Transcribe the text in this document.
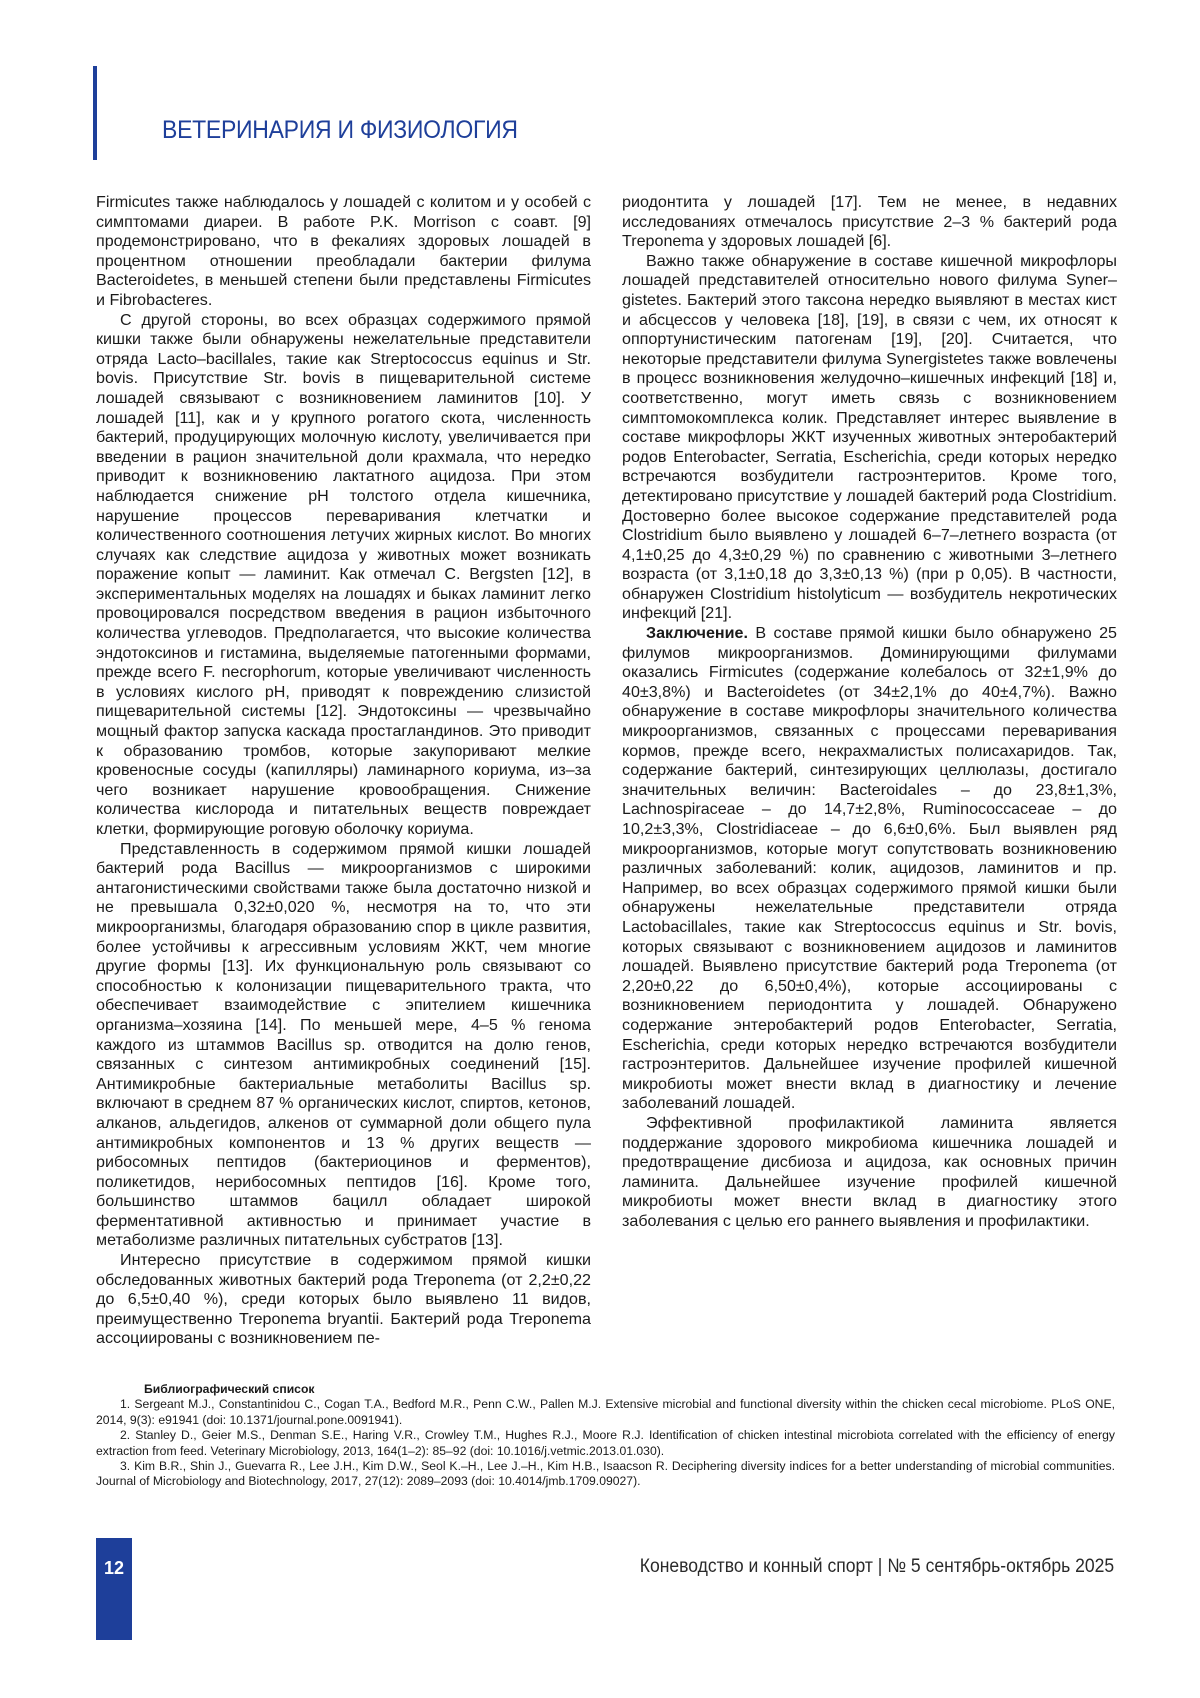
ВЕТЕРИНАРИЯ И ФИЗИОЛОГИЯ

Firmicutes также наблюдалось у лошадей с колитом и у особей с симптомами диареи. В работе P.K. Morrison с соавт. [9] продемонстрировано, что в фекалиях здоровых лошадей в процентном отношении преобладали бактерии филума Bacteroidetes, в меньшей степени были представлены Firmicutes и Fibrobacteres.

С другой стороны, во всех образцах содержимого прямой кишки также были обнаружены нежелательные представители отряда Lacto–bacillales, такие как Streptococcus equinus и Str. bovis. Присутствие Str. bovis в пищеварительной системе лошадей связывают с возникновением ламинитов [10]. У лошадей [11], как и у крупного рогатого скота, численность бактерий, продуцирующих молочную кислоту, увеличивается при введении в рацион значительной доли крахмала, что нередко приводит к возникновению лактатного ацидоза. При этом наблюдается снижение pH толстого отдела кишечника, нарушение процессов переваривания клетчатки и количественного соотношения летучих жирных кислот. Во многих случаях как следствие ацидоза у животных может возникать поражение копыт — ламинит. Как отмечал C. Bergsten [12], в экспериментальных моделях на лошадях и быках ламинит легко провоцировался посредством введения в рацион избыточного количества углеводов. Предполагается, что высокие количества эндотоксинов и гистамина, выделяемые патогенными формами, прежде всего F. necrophorum, которые увеличивают численность в условиях кислого pH, приводят к повреждению слизистой пищеварительной системы [12]. Эндотоксины — чрезвычайно мощный фактор запуска каскада простагландинов. Это приводит к образованию тромбов, которые закупоривают мелкие кровеносные сосуды (капилляры) ламинарного кориума, из–за чего возникает нарушение кровообращения. Снижение количества кислорода и питательных веществ повреждает клетки, формирующие роговую оболочку кориума.

Представленность в содержимом прямой кишки лошадей бактерий рода Bacillus — микроорганизмов с широкими антагонистическими свойствами также была достаточно низкой и не превышала 0,32±0,020 %, несмотря на то, что эти микроорганизмы, благодаря образованию спор в цикле развития, более устойчивы к агрессивным условиям ЖКТ, чем многие другие формы [13]. Их функциональную роль связывают со способностью к колонизации пищеварительного тракта, что обеспечивает взаимодействие с эпителием кишечника организма–хозяина [14]. По меньшей мере, 4–5 % генома каждого из штаммов Bacillus sp. отводится на долю генов, связанных с синтезом антимикробных соединений [15]. Антимикробные бактериальные метаболиты Bacillus sp. включают в среднем 87 % органических кислот, спиртов, кетонов, алканов, альдегидов, алкенов от суммарной доли общего пула антимикробных компонентов и 13 % других веществ — рибосомных пептидов (бактериоцинов и ферментов), поликетидов, нерибосомных пептидов [16]. Кроме того, большинство штаммов бацилл обладает широкой ферментативной активностью и принимает участие в метаболизме различных питательных субстратов [13].

Интересно присутствие в содержимом прямой кишки обследованных животных бактерий рода Treponema (от 2,2±0,22 до 6,5±0,40 %), среди которых было выявлено 11 видов, преимущественно Treponema bryantii. Бактерий рода Treponema ассоциированы с возникновением пе-

риодонтита у лошадей [17]. Тем не менее, в недавних исследованиях отмечалось присутствие 2–3 % бактерий рода Treponema у здоровых лошадей [6].

Важно также обнаружение в составе кишечной микрофлоры лошадей представителей относительно нового филума Syner–gistetes. Бактерий этого таксона нередко выявляют в местах кист и абсцессов у человека [18], [19], в связи с чем, их относят к оппортунистическим патогенам [19], [20]. Считается, что некоторые представители филума Synergistetes также вовлечены в процесс возникновения желудочно–кишечных инфекций [18] и, соответственно, могут иметь связь с возникновением симптомокомплекса колик. Представляет интерес выявление в составе микрофлоры ЖКТ изученных животных энтеробактерий родов Enterobacter, Serratia, Escherichia, среди которых нередко встречаются возбудители гастроэнтеритов. Кроме того, детектировано присутствие у лошадей бактерий рода Clostridium. Достоверно более высокое содержание представителей рода Clostridium было выявлено у лошадей 6–7–летнего возраста (от 4,1±0,25 до 4,3±0,29 %) по сравнению с животными 3–летнего возраста (от 3,1±0,18 до 3,3±0,13 %) (при p 0,05). В частности, обнаружен Clostridium histolyticum — возбудитель некротических инфекций [21].

Заключение. В составе прямой кишки было обнаружено 25 филумов микроорганизмов. Доминирующими филумами оказались Firmicutes (содержание колебалось от 32±1,9% до 40±3,8%) и Bacteroidetes (от 34±2,1% до 40±4,7%). Важно обнаружение в составе микрофлоры значительного количества микроорганизмов, связанных с процессами переваривания кормов, прежде всего, некрахмалистых полисахаридов. Так, содержание бактерий, синтезирующих целлюлазы, достигало значительных величин: Bacteroidales – до 23,8±1,3%, Lachnospiraceae – до 14,7±2,8%, Ruminococcaceae – до 10,2±3,3%, Clostridiaceae – до 6,6±0,6%. Был выявлен ряд микроорганизмов, которые могут сопутствовать возникновению различных заболеваний: колик, ацидозов, ламинитов и пр. Например, во всех образцах содержимого прямой кишки были обнаружены нежелательные представители отряда Lactobacillales, такие как Streptococcus equinus и Str. bovis, которых связывают с возникновением ацидозов и ламинитов лошадей. Выявлено присутствие бактерий рода Treponema (от 2,20±0,22 до 6,50±0,4%), которые ассоциированы с возникновением периодонтита у лошадей. Обнаружено содержание энтеробактерий родов Enterobacter, Serratia, Escherichia, среди которых нередко встречаются возбудители гастроэнтеритов. Дальнейшее изучение профилей кишечной микробиоты может внести вклад в диагностику и лечение заболеваний лошадей.

Эффективной профилактикой ламинита является поддержание здорового микробиома кишечника лошадей и предотвращение дисбиоза и ацидоза, как основных причин ламинита. Дальнейшее изучение профилей кишечной микробиоты может внести вклад в диагностику этого заболевания с целью его раннего выявления и профилактики.

Библиографический список

1. Sergeant M.J., Constantinidou C., Cogan T.A., Bedford M.R., Penn C.W., Pallen M.J. Extensive microbial and functional diversity within the chicken cecal microbiome. PLoS ONE, 2014, 9(3): e91941 (doi: 10.1371/journal.pone.0091941).

2. Stanley D., Geier M.S., Denman S.E., Haring V.R., Crowley T.M., Hughes R.J., Moore R.J. Identification of chicken intestinal microbiota correlated with the efficiency of energy extraction from feed. Veterinary Microbiology, 2013, 164(1–2): 85–92 (doi: 10.1016/j.vetmic.2013.01.030).

3. Kim B.R., Shin J., Guevarra R., Lee J.H., Kim D.W., Seol K.–H., Lee J.–H., Kim H.B., Isaacson R. Deciphering diversity indices for a better understanding of microbial communities. Journal of Microbiology and Biotechnology, 2017, 27(12): 2089–2093 (doi: 10.4014/jmb.1709.09027).

12	Коневодство и конный спорт | № 5 сентябрь-октябрь 2025
